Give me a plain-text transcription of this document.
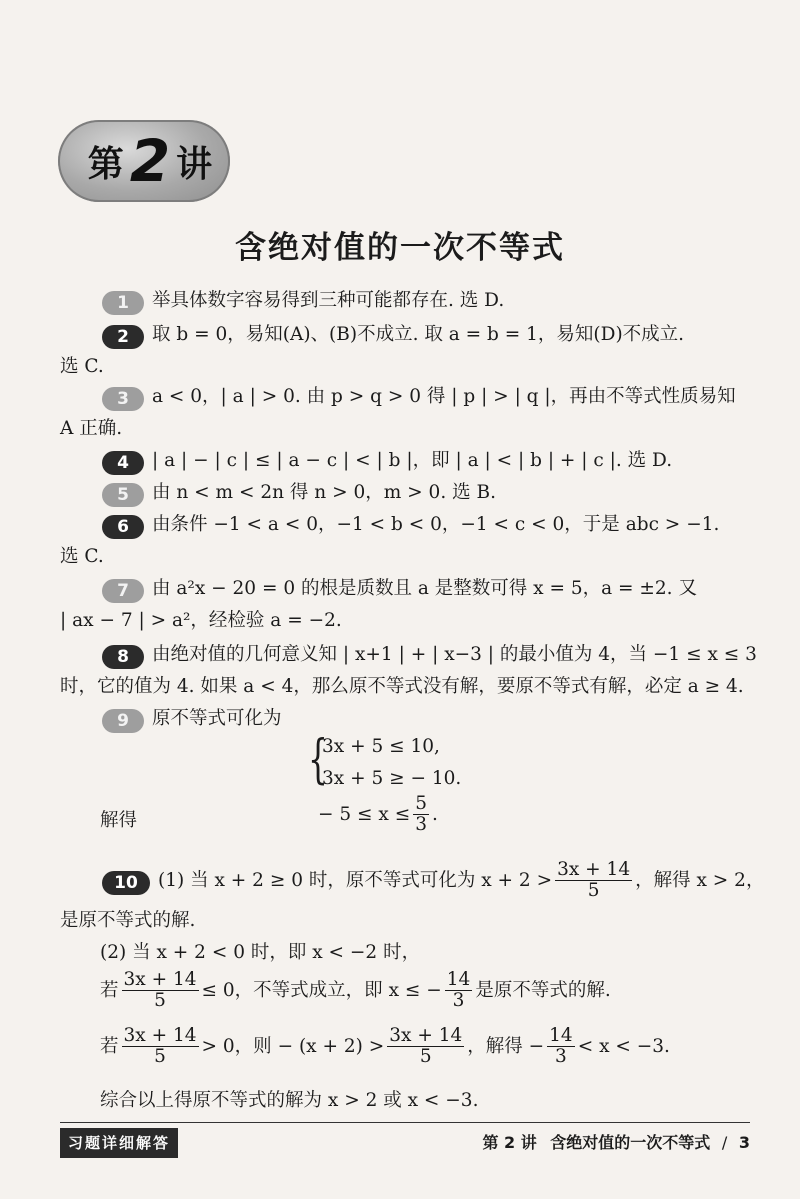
第 2 讲
含绝对值的一次不等式
1 举具体数字容易得到三种可能都存在. 选 D.
2 取 b = 0，易知(A)、(B)不成立. 取 a = b = 1，易知(D)不成立.
选 C.
3 a < 0，| a | > 0. 由 p > q > 0 得 | p | > | q |，再由不等式性质易知
A 正确.
4 | a | − | c | ≤ | a − c | < | b |，即 | a | < | b | + | c |. 选 D.
5 由 n < m < 2n 得 n > 0，m > 0. 选 B.
6 由条件 −1 < a < 0，−1 < b < 0，−1 < c < 0，于是 abc > −1.
选 C.
7 由 a²x − 20 = 0 的根是质数且 a 是整数可得 x = 5，a = ±2. 又
| ax − 7 | > a²，经检验 a = −2.
8 由绝对值的几何意义知 | x+1 | + | x−3 | 的最小值为 4，当 −1 ≤ x ≤ 3
时，它的值为 4. 如果 a < 4，那么原不等式没有解，要原不等式有解，必定 a ≥ 4.
9 原不等式可化为
{
3x + 5 ≤ 10,
3x + 5 ≥ − 10.
解得	− $5 \le x \le \frac{5}{3}$ .
10 (1) 当 x + 2 ≥ 0 时，原不等式可化为 $x + 2 > \frac{3x + 14}{5}$ ，解得 x > 2，
是原不等式的解.
(2) 当 x + 2 < 0 时，即 x < −2 时，
若 $\frac{3x + 14}{5} \le 0$，不等式成立，即 x ≤ − $\frac{14}{3}$ 是原不等式的解.
若 $\frac{3x + 14}{5} > 0$，则 − $(x + 2) > \frac{3x + 14}{5}$ ，解得 − $\frac{14}{3} < x < -3$.
综合以上得原不等式的解为 x > 2 或 x < −3.
习题详细解答	第 2 讲 含绝对值的一次不等式 / 3
